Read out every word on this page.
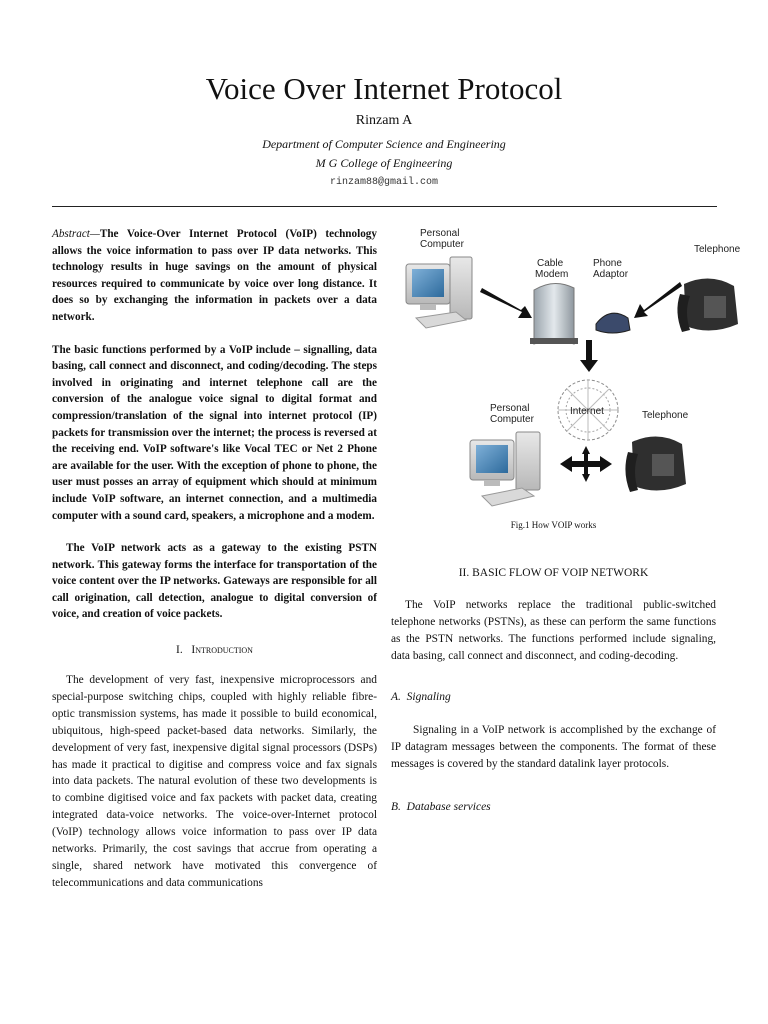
Voice Over Internet Protocol
Rinzam A
Department of Computer Science and Engineering
M G College of Engineering
rinzam88@gmail.com

Abstract—The Voice-Over Internet Protocol (VoIP) technology allows the voice information to pass over IP data networks. This technology results in huge savings on the amount of physical resources required to communicate by voice over long distance. It does so by exchanging the information in packets over a data network.

The basic functions performed by a VoIP include – signalling, data basing, call connect and disconnect, and coding/decoding. The steps involved in originating and internet telephone call are the conversion of the analogue voice signal to digital format and compression/translation of the signal into internet protocol (IP) packets for transmission over the internet; the process is reversed at the receiving end. VoIP software's like Vocal TEC or Net 2 Phone are available for the user. With the exception of phone to phone, the user must posses an array of equipment which should at minimum include VoIP software, an internet connection, and a multimedia computer with a sound card, speakers, a microphone and a modem.

The VoIP network acts as a gateway to the existing PSTN network. This gateway forms the interface for transportation of the voice content over the IP networks. Gateways are responsible for all call origination, call detection, analogue to digital conversion of voice, and creation of voice packets.

I. Introduction

The development of very fast, inexpensive microprocessors and special-purpose switching chips, coupled with highly reliable fibre-optic transmission systems, has made it possible to build economical, ubiquitous, high-speed packet-based data networks. Similarly, the development of very fast, inexpensive digital signal processors (DSPs) has made it practical to digitise and compress voice and fax signals into data packets. The natural evolution of these two developments is to combine digitised voice and fax packets with packet data, creating integrated data-voice networks. The voice-over-Internet protocol (VoIP) technology allows voice information to pass over IP data networks. Primarily, the cost savings that accrue from operating a single, shared network have motivated this convergence of telecommunications and data communications

Personal
Computer
Cable
Modem
Phone
Adaptor
Telephone
Internet
Personal
Computer	Telephone
Fig.1 How VOIP works
II. BASIC FLOW OF VOIP NETWORK

The VoIP networks replace the traditional public-switched telephone networks (PSTNs), as these can perform the same functions as the PSTN networks. The functions performed include signaling, data basing, call connect and disconnect, and coding-decoding.

A. Signaling

Signaling in a VoIP network is accomplished by the exchange of IP datagram messages between the components. The format of these messages is covered by the standard datalink layer protocols.

B. Database services
